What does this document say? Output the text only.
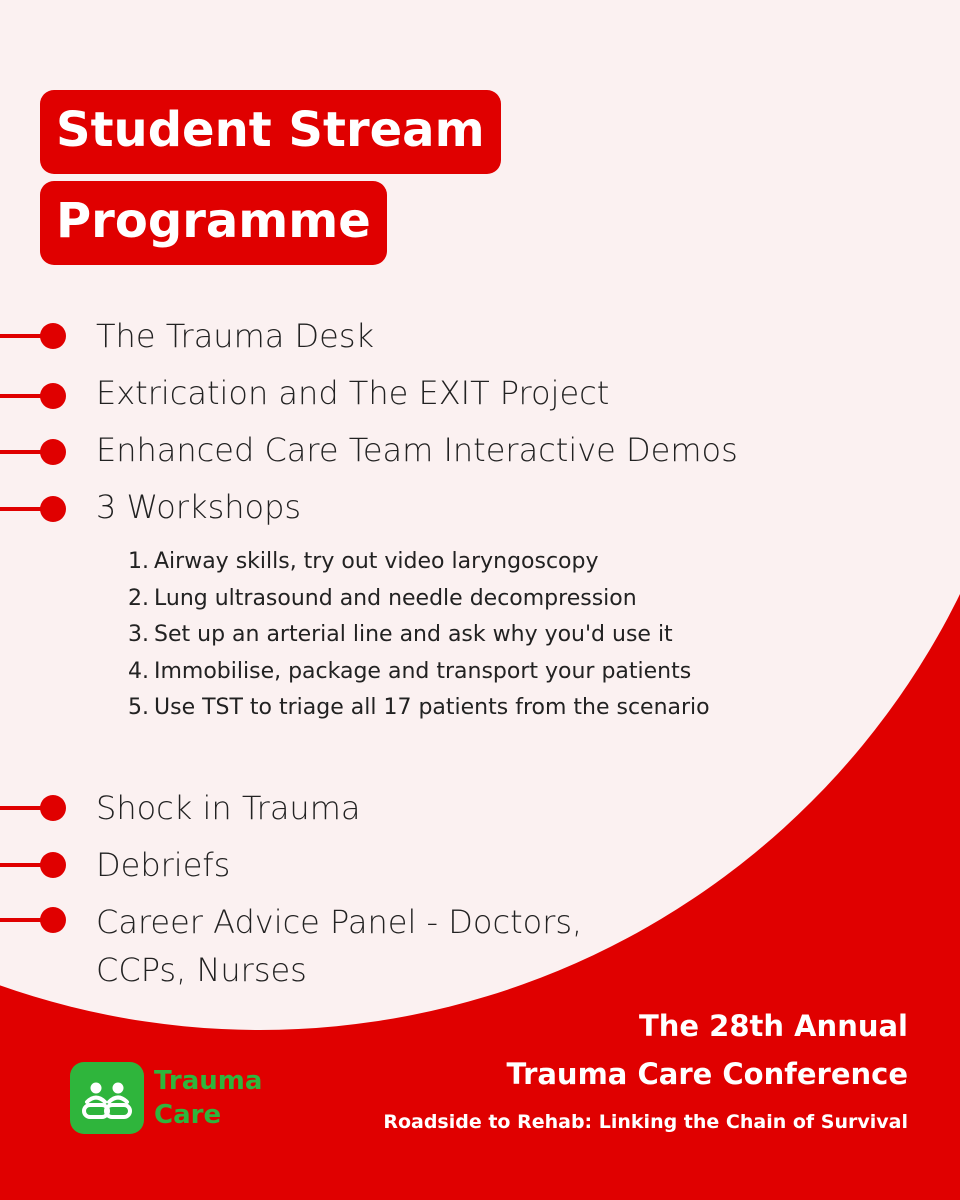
Student Stream
Programme
The Trauma Desk
Extrication and The EXIT Project
Enhanced Care Team Interactive Demos
3 Workshops
1. Airway skills, try out video laryngoscopy
2. Lung ultrasound and needle decompression
3. Set up an arterial line and ask why you'd use it
4. Immobilise, package and transport your patients
5. Use TST to triage all 17 patients from the scenario
Shock in Trauma
Debriefs
Career Advice Panel - Doctors,
CCPs, Nurses
The 28th Annual
Trauma Care Conference
Roadside to Rehab: Linking the Chain of Survival
Trauma
Care
